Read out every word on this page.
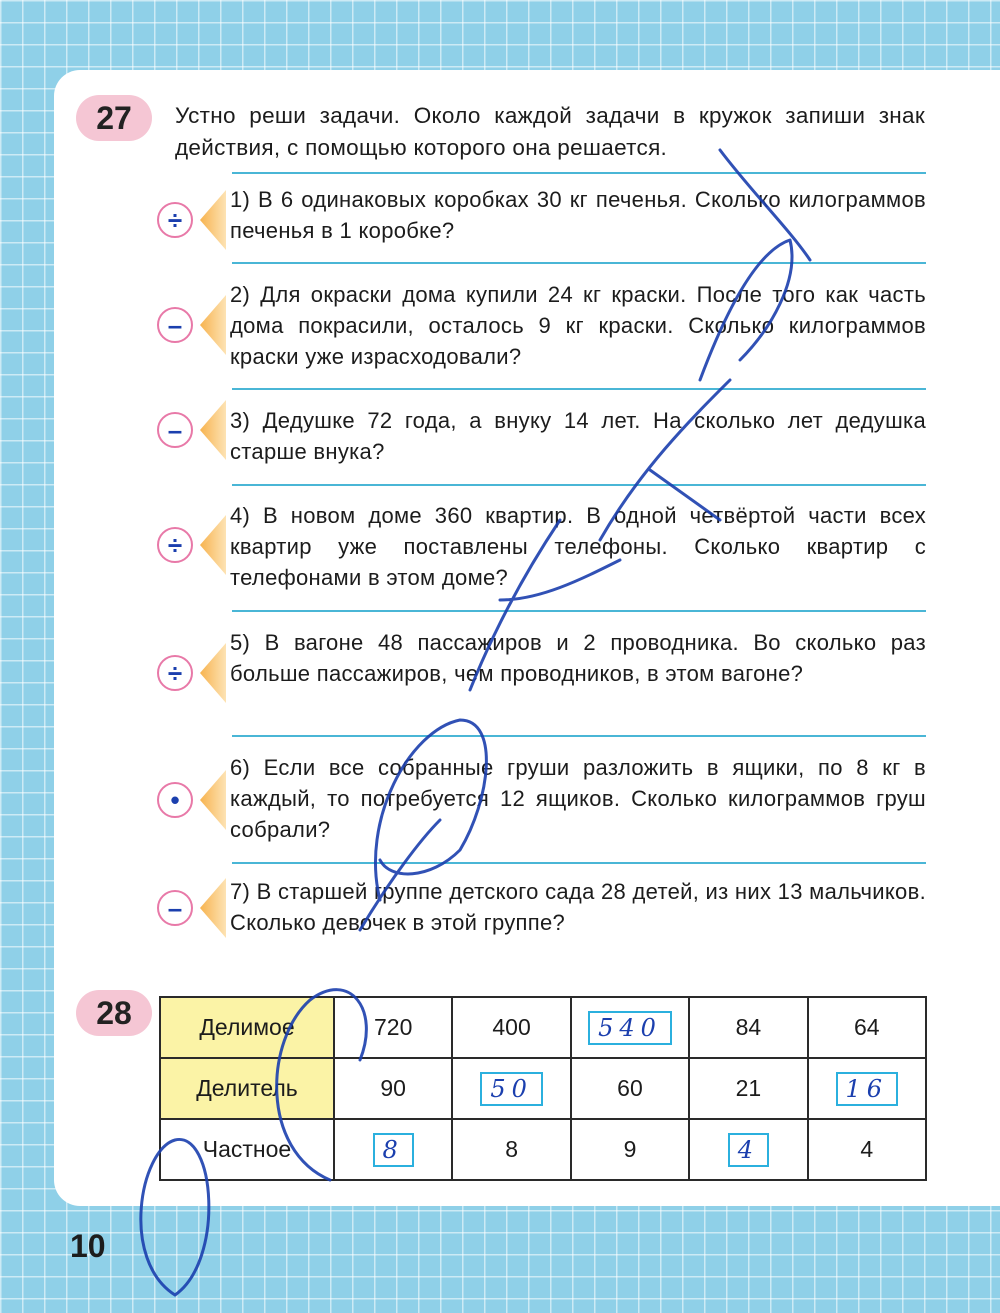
27	Устно реши задачи. Около каждой задачи в кружок запиши знак действия, с помощью которого она решается.
÷
1) В 6 одинаковых коробках 30 кг печенья. Сколько килограммов печенья в 1 коробке?
–
2) Для окраски дома купили 24 кг краски. После того как часть дома покрасили, осталось 9 кг краски. Сколько килограммов краски уже израсходовали?
–	3) Дедушке 72 года, а внуку 14 лет. На сколько лет дедушка старше внука?
÷
4) В новом доме 360 квартир. В одной четвёртой части всех квартир уже поставлены телефоны. Сколько квартир с телефонами в этом доме?
÷
5) В вагоне 48 пассажиров и 2 проводника. Во сколько раз больше пассажиров, чем проводников, в этом вагоне?
•
6) Если все собранные груши разложить в ящики, по 8 кг в каждый, то потребуется 12 ящиков. Сколько килограммов груш собрали?
–
7) В старшей группе детского сада 28 детей, из них 13 мальчиков. Сколько девочек в этой группе?
28	Делимое	720	400	540	84	64
Делитель	90	50	60	21	16
Частное	8	8	9	4	4
10
